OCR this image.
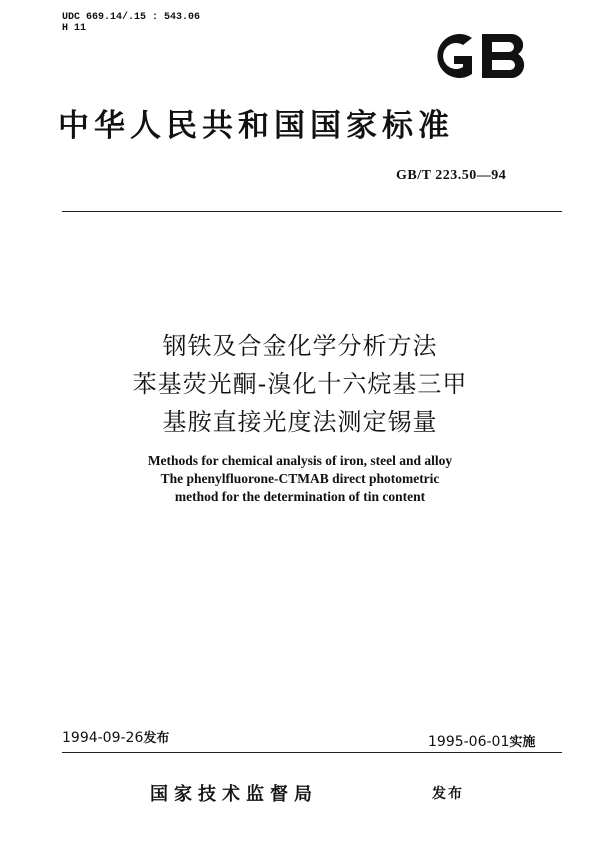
UDC 669.14/.15 : 543.06
H 11
中华人民共和国国家标准
GB/T 223.50—94
钢铁及合金化学分析方法
苯基荧光酮-溴化十六烷基三甲
基胺直接光度法测定锡量
Methods for chemical analysis of iron, steel and alloy
The phenylfluorone-CTMAB direct photometric
method for the determination of tin content
1994-09-26发布	1995-06-01实施
国家技术监督局	发布
